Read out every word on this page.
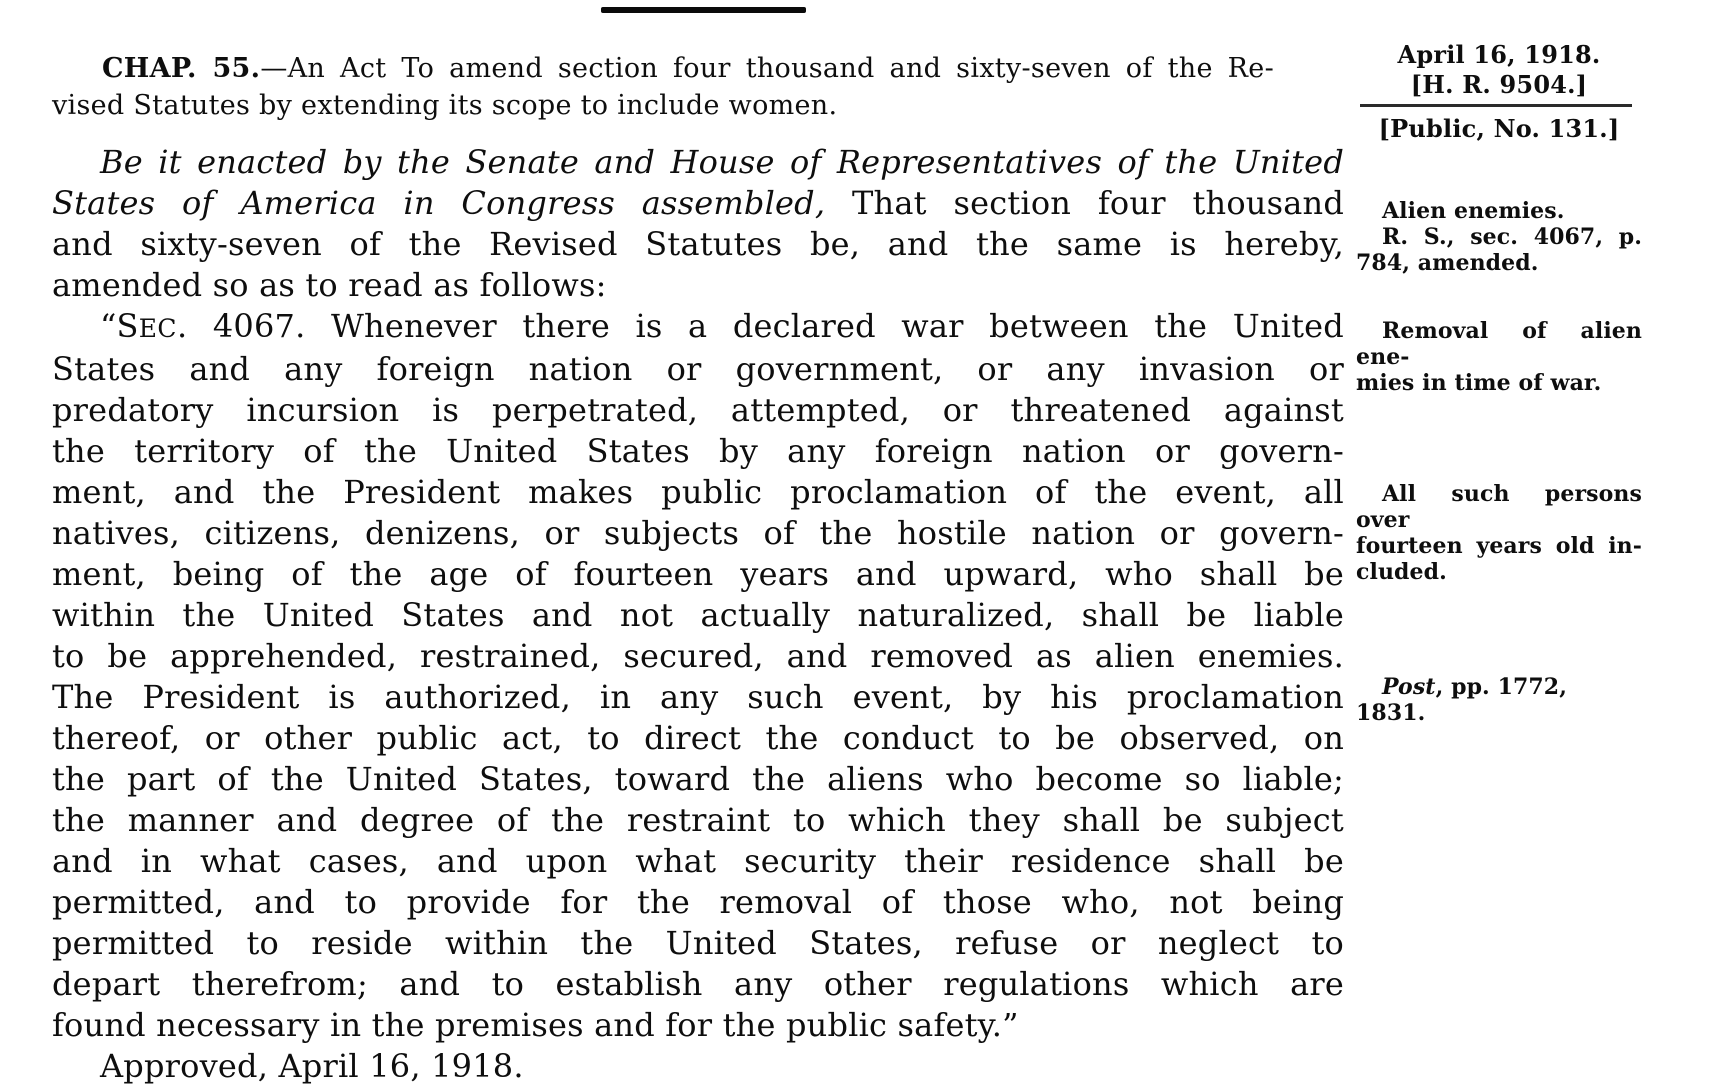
CHAP. 55.—An Act To amend section four thousand and sixty-seven of the Re-
vised Statutes by extending its scope to include women.
Be it enacted by the Senate and House of Representatives of the United
States of America in Congress assembled, That section four thousand
and sixty-seven of the Revised Statutes be, and the same is hereby,
amended so as to read as follows:
“SEC. 4067. Whenever there is a declared war between the United
States and any foreign nation or government, or any invasion or
predatory incursion is perpetrated, attempted, or threatened against
the territory of the United States by any foreign nation or govern-
ment, and the President makes public proclamation of the event, all
natives, citizens, denizens, or subjects of the hostile nation or govern-
ment, being of the age of fourteen years and upward, who shall be
within the United States and not actually naturalized, shall be liable
to be apprehended, restrained, secured, and removed as alien enemies.
The President is authorized, in any such event, by his proclamation
thereof, or other public act, to direct the conduct to be observed, on
the part of the United States, toward the aliens who become so liable;
the manner and degree of the restraint to which they shall be subject
and in what cases, and upon what security their residence shall be
permitted, and to provide for the removal of those who, not being
permitted to reside within the United States, refuse or neglect to
depart therefrom; and to establish any other regulations which are
found necessary in the premises and for the public safety.”
Approved, April 16, 1918.
April 16, 1918.
[H. R. 9504.]
[Public, No. 131.]
Alien enemies.
R. S., sec. 4067, p.
784, amended.
Removal of alien ene-
mies in time of war.
All such persons over
fourteen years old in-
cluded.
Post, pp. 1772, 1831.
